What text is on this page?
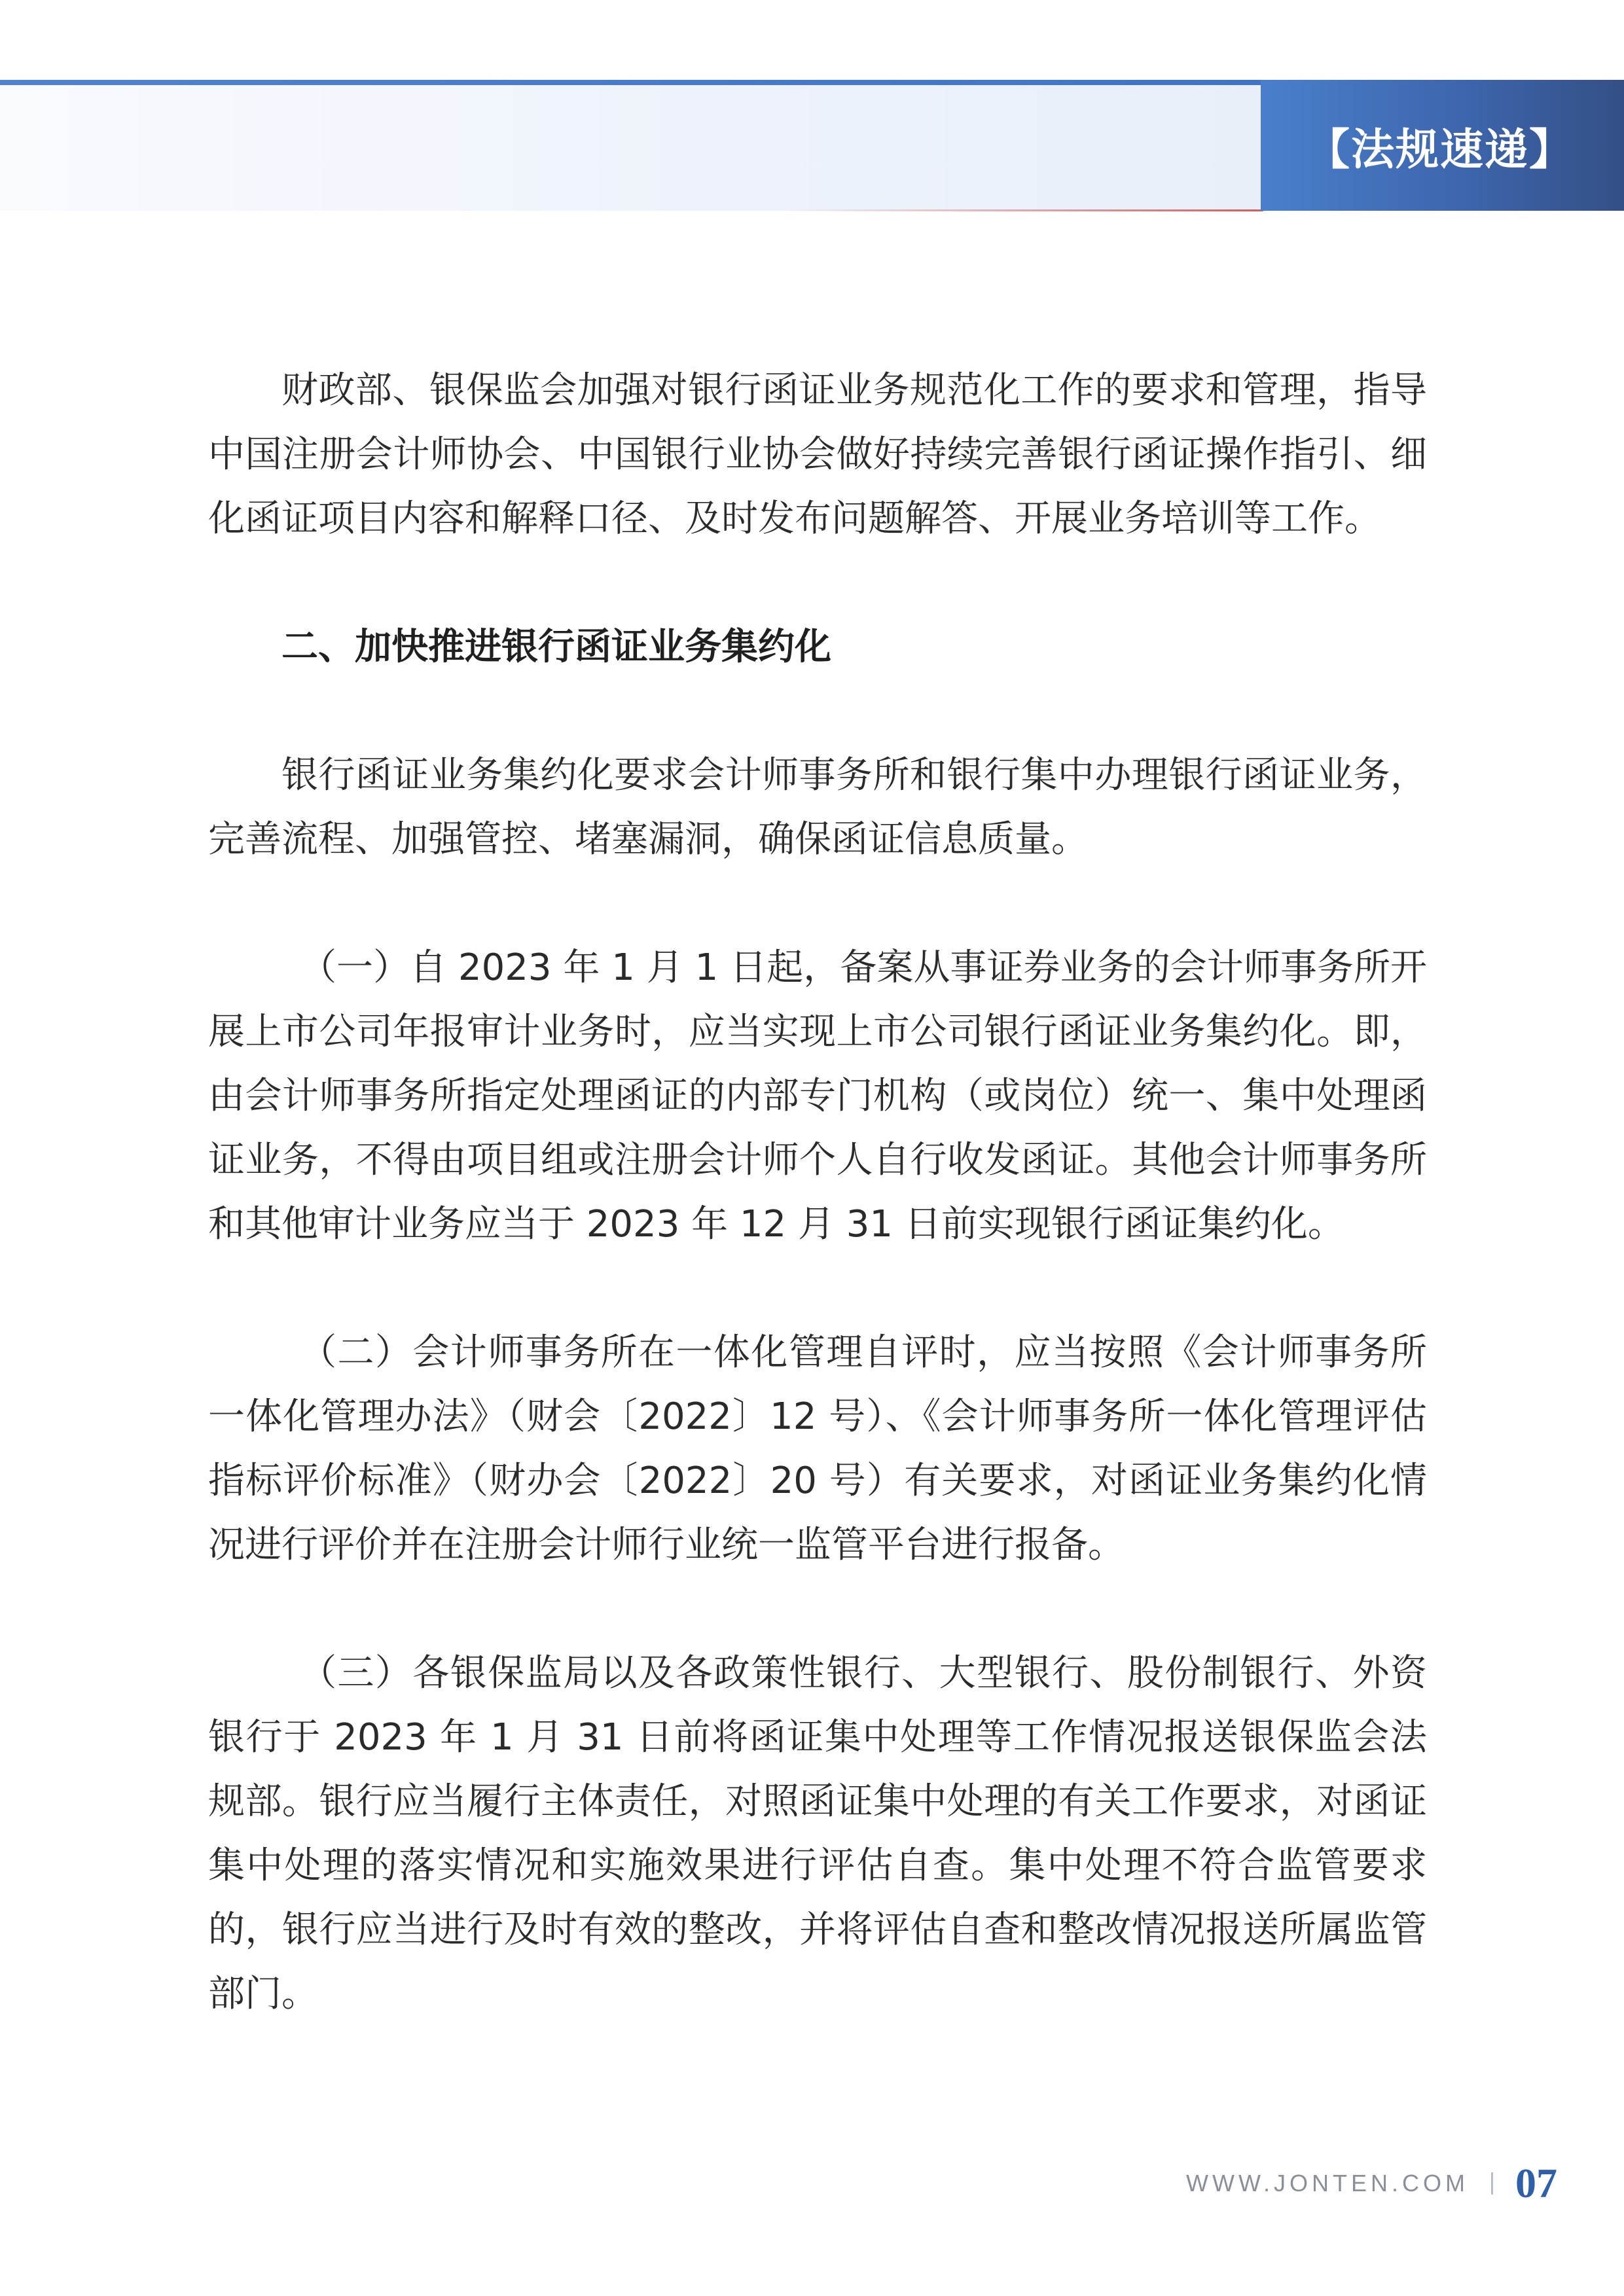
【法规速递】

财政部、银保监会加强对银行函证业务规范化工作的要求和管理，指导中国注册会计师协会、中国银行业协会做好持续完善银行函证操作指引、细化函证项目内容和解释口径、及时发布问题解答、开展业务培训等工作。

二、加快推进银行函证业务集约化

银行函证业务集约化要求会计师事务所和银行集中办理银行函证业务，完善流程、加强管控、堵塞漏洞，确保函证信息质量。

（一）自 2023 年 1 月 1 日起，备案从事证券业务的会计师事务所开展上市公司年报审计业务时，应当实现上市公司银行函证业务集约化。即，由会计师事务所指定处理函证的内部专门机构（或岗位）统一、集中处理函证业务，不得由项目组或注册会计师个人自行收发函证。其他会计师事务所和其他审计业务应当于 2023 年 12 月 31 日前实现银行函证集约化。

（二）会计师事务所在一体化管理自评时，应当按照《会计师事务所一体化管理办法》（财会〔2022〕12 号）、《会计师事务所一体化管理评估指标评价标准》（财办会〔2022〕20 号）有关要求，对函证业务集约化情况进行评价并在注册会计师行业统一监管平台进行报备。

（三）各银保监局以及各政策性银行、大型银行、股份制银行、外资银行于 2023 年 1 月 31 日前将函证集中处理等工作情况报送银保监会法规部。银行应当履行主体责任，对照函证集中处理的有关工作要求，对函证集中处理的落实情况和实施效果进行评估自查。集中处理不符合监管要求的，银行应当进行及时有效的整改，并将评估自查和整改情况报送所属监管部门。

WWW.JONTEN.COM 07
